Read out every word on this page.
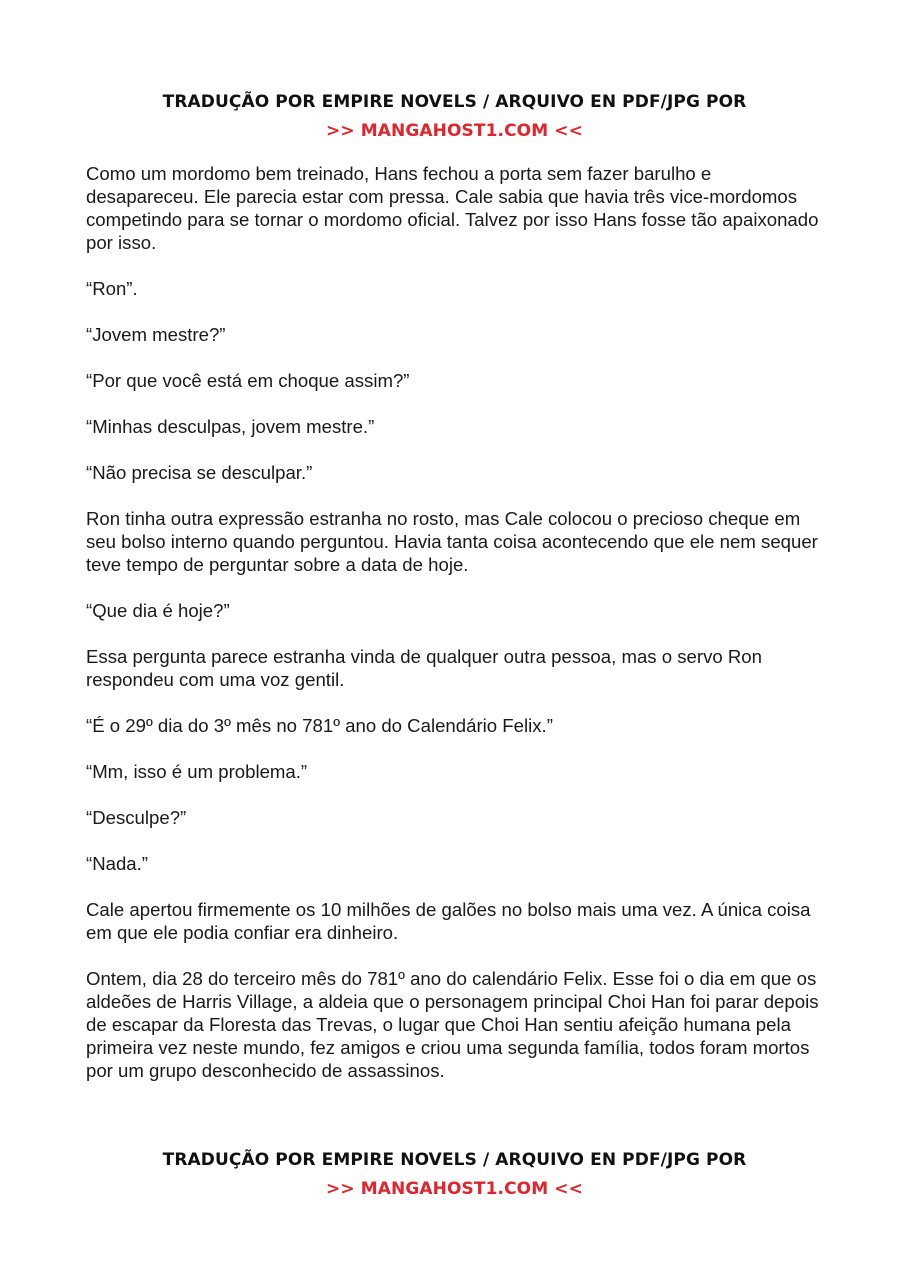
TRADUÇÃO POR EMPIRE NOVELS / ARQUIVO EN PDF/JPG POR
>> MANGAHOST1.COM <<

Como um mordomo bem treinado, Hans fechou a porta sem fazer barulho e desapareceu. Ele parecia estar com pressa. Cale sabia que havia três vice-mordomos competindo para se tornar o mordomo oficial. Talvez por isso Hans fosse tão apaixonado por isso.

“Ron”.

“Jovem mestre?”

“Por que você está em choque assim?”

“Minhas desculpas, jovem mestre.”

“Não precisa se desculpar.”

Ron tinha outra expressão estranha no rosto, mas Cale colocou o precioso cheque em seu bolso interno quando perguntou. Havia tanta coisa acontecendo que ele nem sequer teve tempo de perguntar sobre a data de hoje.

“Que dia é hoje?”

Essa pergunta parece estranha vinda de qualquer outra pessoa, mas o servo Ron respondeu com uma voz gentil.

“É o 29º dia do 3º mês no 781º ano do Calendário Felix.”

“Mm, isso é um problema.”

“Desculpe?”

“Nada.”

Cale apertou firmemente os 10 milhões de galões no bolso mais uma vez. A única coisa em que ele podia confiar era dinheiro.

Ontem, dia 28 do terceiro mês do 781º ano do calendário Felix. Esse foi o dia em que os aldeões de Harris Village, a aldeia que o personagem principal Choi Han foi parar depois de escapar da Floresta das Trevas, o lugar que Choi Han sentiu afeição humana pela primeira vez neste mundo, fez amigos e criou uma segunda família, todos foram mortos por um grupo desconhecido de assassinos.

TRADUÇÃO POR EMPIRE NOVELS / ARQUIVO EN PDF/JPG POR
>> MANGAHOST1.COM <<
